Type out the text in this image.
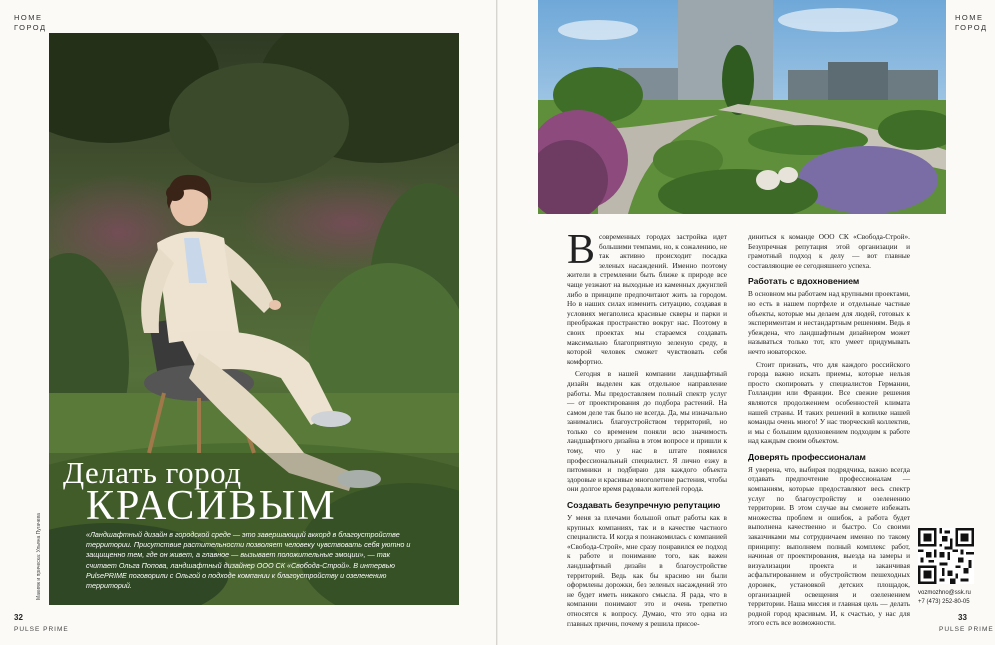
HOME
ГОРОД
Макияж и прическа: Ульяна Пугачева
Делать город
КРАСИВЫМ
«Ландшафтный дизайн в городской среде — это завершающий аккорд в благоустройстве территории. Присутствие растительности позволяет человеку чувствовать себя уютно и защищенно тем, где он живет, а главное — вызывает положительные эмоции», — так считает Ольга Попова, ландшафтный дизайнер ООО СК «Свобода-Строй». В интервью PulsePRIME поговорили с Ольгой о подходе компании к благоустройству и озеленению территорий.
32
PULSE PRIME
HOME
ГОРОД
В современных городах застройка идет большими темпами, но, к сожалению, не так активно происходит посадка зеленых насаждений. Именно поэтому жители в стремлении быть ближе к природе все чаще уезжают на выходные из каменных джунглей либо в принципе предпочитают жить за городом. Но в наших силах изменить ситуацию, создавая в условиях мегаполиса красивые скверы и парки и преображая пространство вокруг нас. Поэтому в своих проектах мы стараемся создавать максимально благоприятную зеленую среду, в которой человек сможет чувствовать себя комфортно.

Сегодня в нашей компании ландшафтный дизайн выделен как отдельное направление работы. Мы предоставляем полный спектр услуг — от проектирования до подбора растений. На самом деле так было не всегда. Да, мы изначально занимались благоустройством территорий, но только со временем поняли всю значимость ландшафтного дизайна в этом вопросе и пришли к тому, что у нас в штате появился профессиональный специалист. Я лично езжу в питомники и подбираю для каждого объекта здоровые и красивые многолетние растения, чтобы они долгое время радовали жителей города.

Создавать безупречную репутацию

У меня за плечами большой опыт работы как в крупных компаниях, так и в качестве частного специалиста. И когда я познакомилась с компанией «Свобода-Строй», мне сразу понравился ее подход к работе и понимание того, как важен ландшафтный дизайн в благоустройстве территорий. Ведь как бы красиво ни были оформлены дорожки, без зеленых насаждений это не будет иметь никакого смысла. Я рада, что в компании понимают это и очень трепетно относятся к вопросу. Думаю, что это одна из главных причин, почему я решила присое-

диниться к команде ООО СК «Свобода-Строй». Безупречная репутация этой организации и грамотный подход к делу — вот главные составляющие ее сегодняшнего успеха.

Работать с вдохновением

В основном мы работаем над крупными проектами, но есть в нашем портфеле и отдельные частные объекты, которые мы делаем для людей, готовых к экспериментам и нестандартным решениям. Ведь я убеждена, что ландшафтным дизайнером может называться только тот, кто умеет придумывать нечто новаторское.

Стоит признать, что для каждого российского города важно искать приемы, которые нельзя просто скопировать у специалистов Германии, Голландии или Франции. Все свежие решения являются продолжением особенностей климата нашей страны. И таких решений в копилке нашей команды очень много! У нас творческий коллектив, и мы с большим вдохновением подходим к работе над каждым своим объектом.

Доверять профессионалам

Я уверена, что, выбирая подрядчика, важно всегда отдавать предпочтение профессионалам — компаниям, которые предоставляют весь спектр услуг по благоустройству и озеленению территории. В этом случае вы сможете избежать множества проблем и ошибок, а работа будет выполнена качественно и быстро. Со своими заказчиками мы сотрудничаем именно по такому принципу: выполняем полный комплекс работ, начиная от проектирования, выезда на замеры и визуализации проекта и заканчивая асфальтированием и обустройством пешеходных дорожек, установкой детских площадок, организацией освещения и озеленением территории. Наша миссия и главная цель — делать родной город красивым. И, к счастью, у нас для этого есть все возможности.

vozmozhno@ssk.ru
+7 (473) 252-80-05
33
PULSE PRIME
